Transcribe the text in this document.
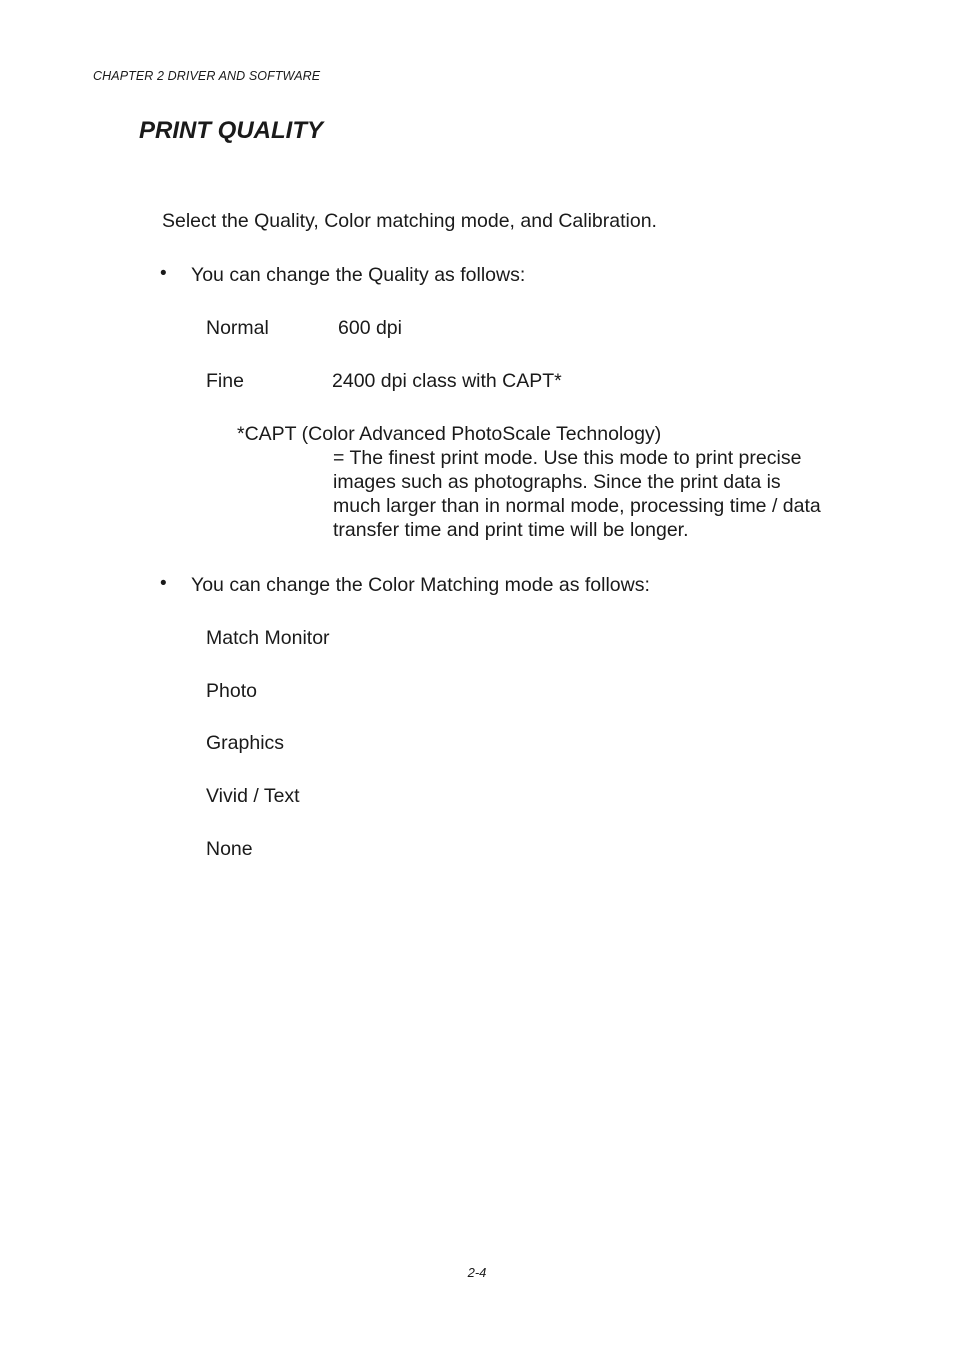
CHAPTER 2 DRIVER AND SOFTWARE
PRINT QUALITY
Select the Quality, Color matching mode, and Calibration.
• You can change the Quality as follows:
Normal	600 dpi
Fine	2400 dpi class with CAPT*
*CAPT (Color Advanced PhotoScale Technology)
= The finest print mode. Use this mode to print precise
images such as photographs. Since the print data is
much larger than in normal mode, processing time / data
transfer time and print time will be longer.
• You can change the Color Matching mode as follows:
Match Monitor
Photo
Graphics
Vivid / Text
None
2-4
